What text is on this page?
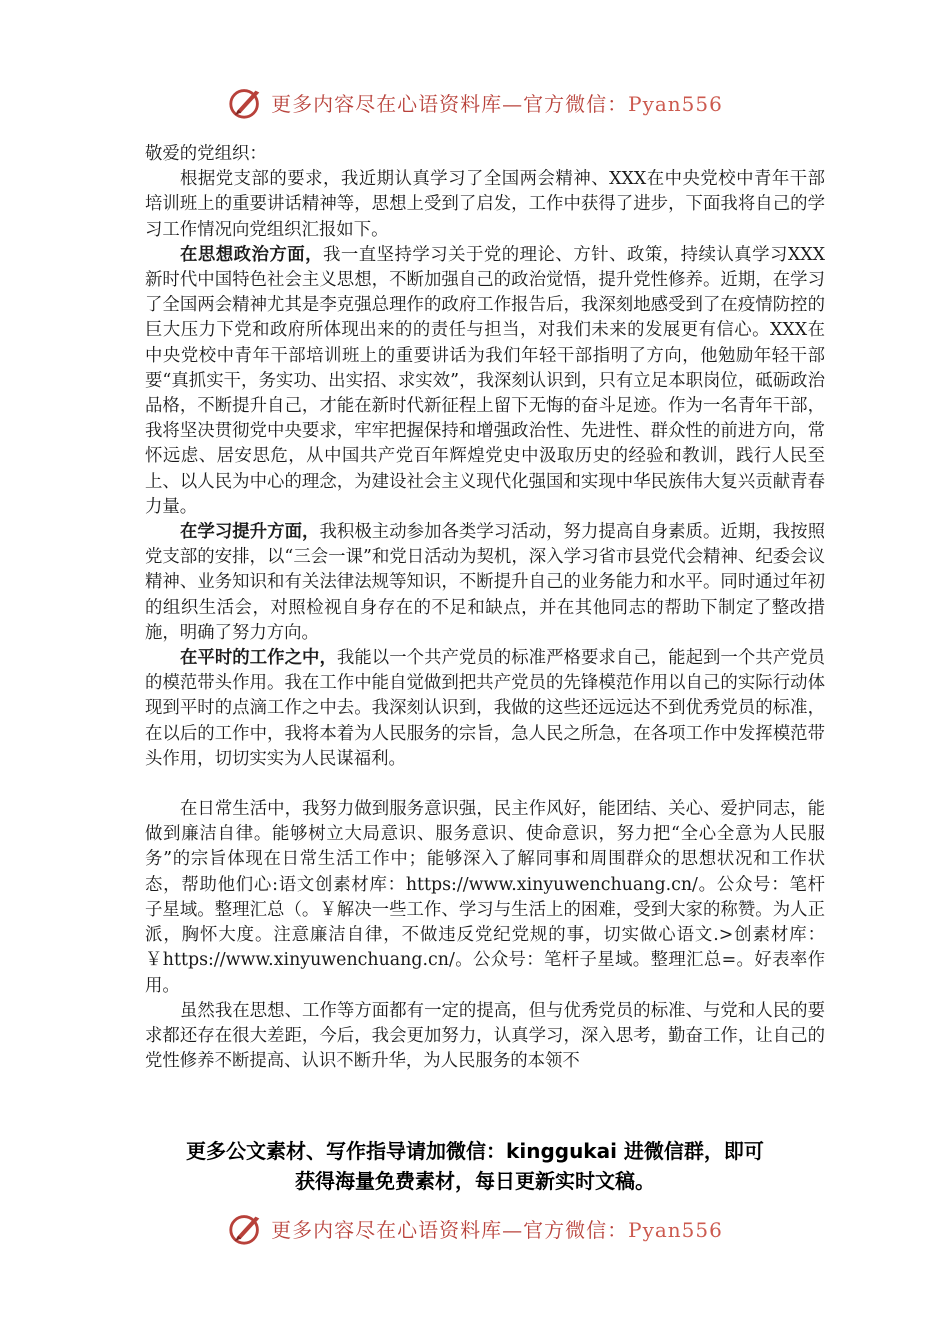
更多内容尽在心语资料库—官方微信：Pyan556

敬爱的党组织：

根据党支部的要求，我近期认真学习了全国两会精神、XXX在中央党校中青年干部培训班上的重要讲话精神等，思想上受到了启发，工作中获得了进步，下面我将自己的学习工作情况向党组织汇报如下。

在思想政治方面，我一直坚持学习关于党的理论、方针、政策，持续认真学习XXX新时代中国特色社会主义思想，不断加强自己的政治觉悟，提升党性修养。近期，在学习了全国两会精神尤其是李克强总理作的政府工作报告后，我深刻地感受到了在疫情防控的巨大压力下党和政府所体现出来的的责任与担当，对我们未来的发展更有信心。XXX在中央党校中青年干部培训班上的重要讲话为我们年轻干部指明了方向，他勉励年轻干部要“真抓实干，务实功、出实招、求实效”，我深刻认识到，只有立足本职岗位，砥砺政治品格，不断提升自己，才能在新时代新征程上留下无悔的奋斗足迹。作为一名青年干部，我将坚决贯彻党中央要求，牢牢把握保持和增强政治性、先进性、群众性的前进方向，常怀远虑、居安思危，从中国共产党百年辉煌党史中汲取历史的经验和教训，践行人民至上、以人民为中心的理念，为建设社会主义现代化强国和实现中华民族伟大复兴贡献青春力量。

在学习提升方面，我积极主动参加各类学习活动，努力提高自身素质。近期，我按照党支部的安排，以“三会一课”和党日活动为契机，深入学习省市县党代会精神、纪委会议精神、业务知识和有关法律法规等知识，不断提升自己的业务能力和水平。同时通过年初的组织生活会，对照检视自身存在的不足和缺点，并在其他同志的帮助下制定了整改措施，明确了努力方向。

在平时的工作之中，我能以一个共产党员的标准严格要求自己，能起到一个共产党员的模范带头作用。我在工作中能自觉做到把共产党员的先锋模范作用以自己的实际行动体现到平时的点滴工作之中去。我深刻认识到，我做的这些还远远达不到优秀党员的标准，在以后的工作中，我将本着为人民服务的宗旨，急人民之所急，在各项工作中发挥模范带头作用，切切实实为人民谋福利。

在日常生活中，我努力做到服务意识强，民主作风好，能团结、关心、爱护同志，能做到廉洁自律。能够树立大局意识、服务意识、使命意识，努力把“全心全意为人民服务”的宗旨体现在日常生活工作中；能够深入了解同事和周围群众的思想状况和工作状态，帮助他们心:语文创素材库：https://www.xinyuwenchuang.cn/。公众号：笔杆子星域。整理汇总（。￥解决一些工作、学习与生活上的困难，受到大家的称赞。为人正派，胸怀大度。注意廉洁自律，不做违反党纪党规的事，切实做心语文.>创素材库：￥https://www.xinyuwenchuang.cn/。公众号：笔杆子星域。整理汇总=。好表率作用。

虽然我在思想、工作等方面都有一定的提高，但与优秀党员的标准、与党和人民的要求都还存在很大差距，今后，我会更加努力，认真学习，深入思考，勤奋工作，让自己的党性修养不断提高、认识不断升华，为人民服务的本领不

更多公文素材、写作指导请加微信：kinggukai 进微信群，即可
获得海量免费素材，每日更新实时文稿。
更多内容尽在心语资料库—官方微信：Pyan556
